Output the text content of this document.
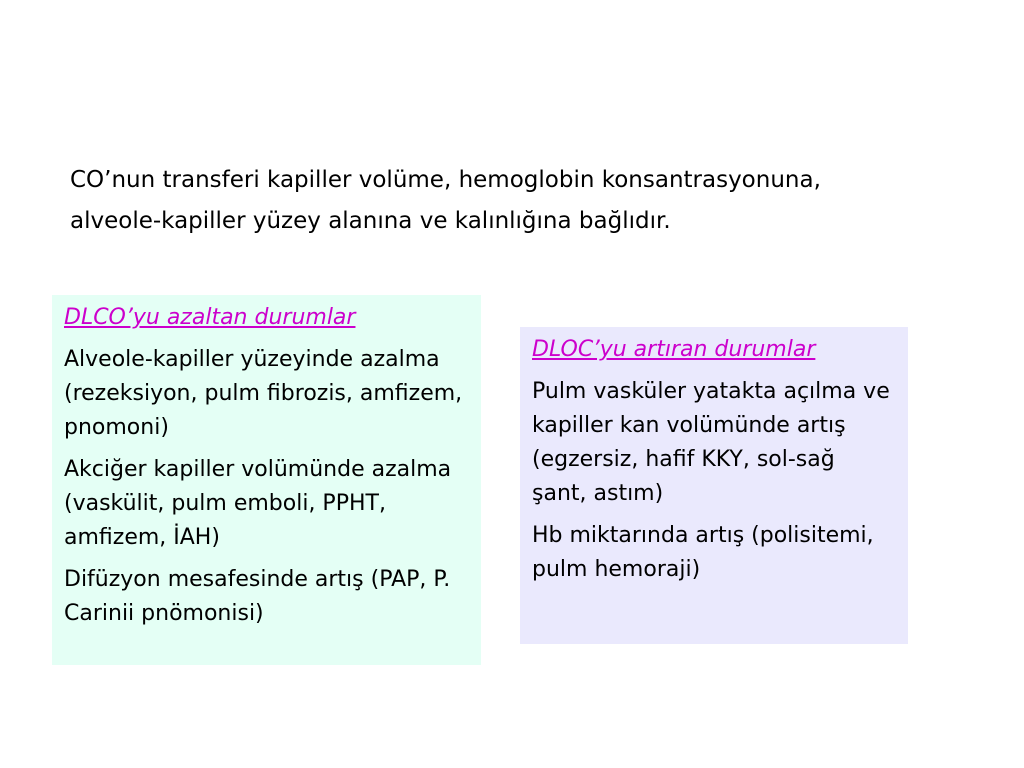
CO’nun transferi kapiller volüme, hemoglobin konsantrasyonuna,

alveole-kapiller yüzey alanına ve kalınlığına bağlıdır.

DLCO’yu azaltan durumlar

Alveole-kapiller yüzeyinde azalma (rezeksiyon, pulm fibrozis, amfizem, pnomoni)

Akciğer kapiller volümünde azalma (vaskülit, pulm emboli, PPHT, amfizem, İAH)

Difüzyon mesafesinde artış (PAP, P. Carinii pnömonisi)

DLOC’yu artıran durumlar

Pulm vasküler yatakta açılma ve kapiller kan volümünde artış (egzersiz, hafif KKY, sol-sağ şant, astım)

Hb miktarında artış (polisitemi, pulm hemoraji)
